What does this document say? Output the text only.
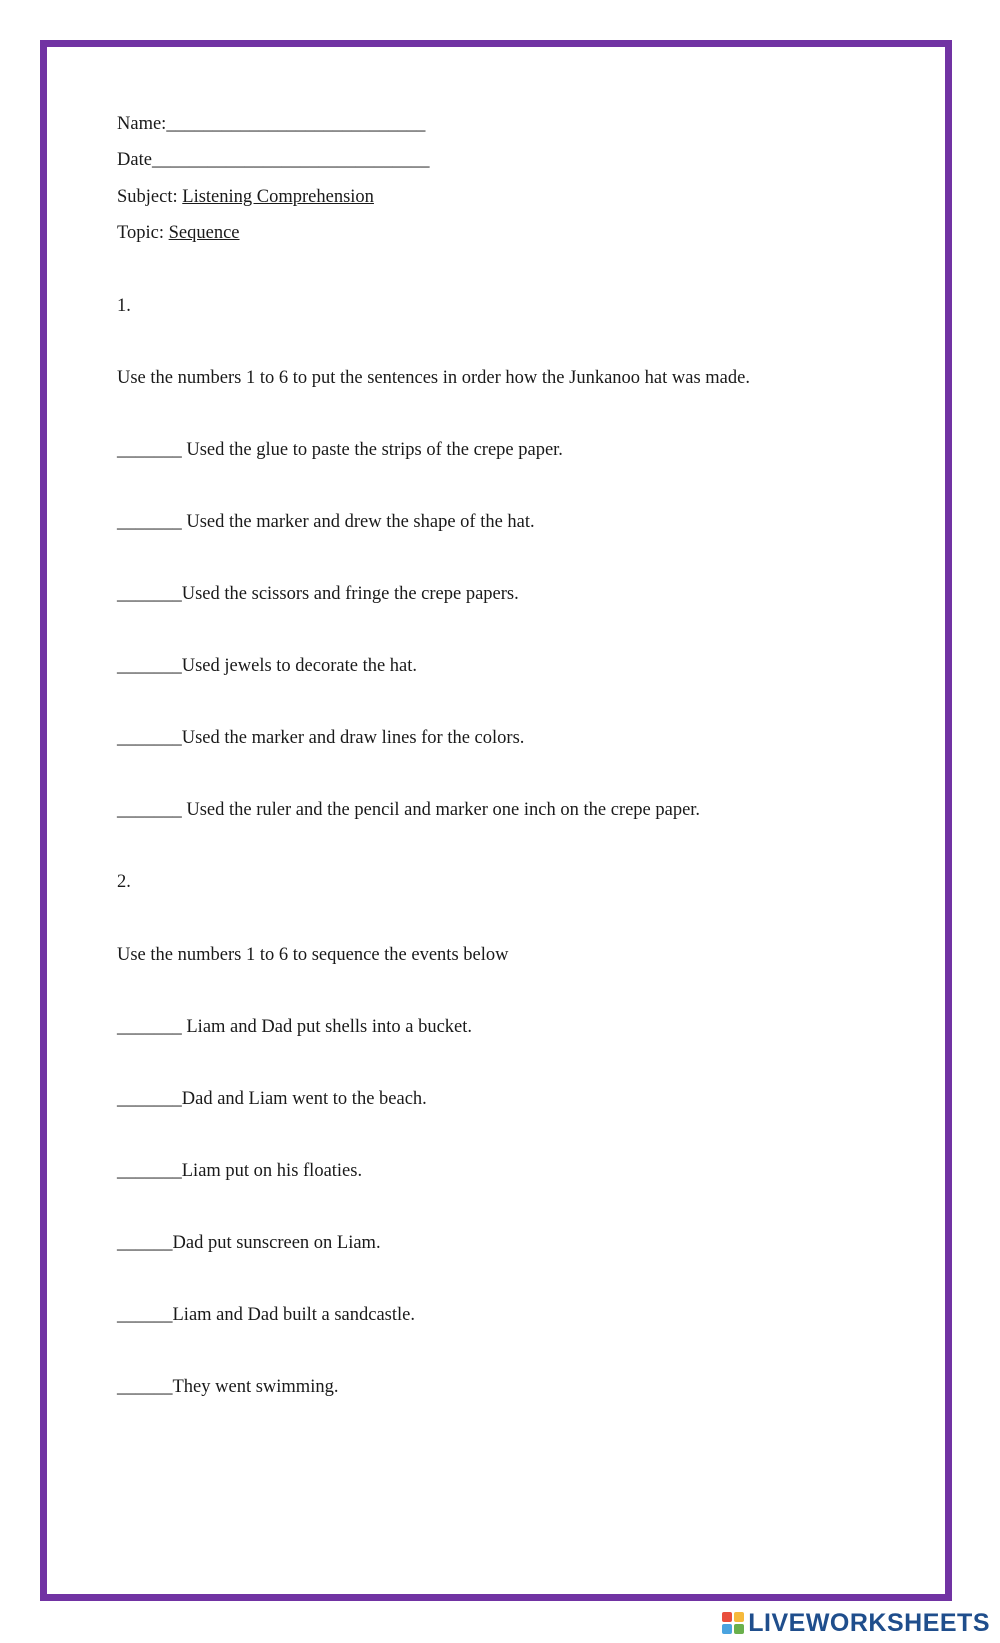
Name:____________________________

Date______________________________

Subject: Listening Comprehension

Topic: Sequence

1.

Use the numbers 1 to 6 to put the sentences in order how the Junkanoo hat was made.

_______ Used the glue to paste the strips of the crepe paper.

_______ Used the marker and drew the shape of the hat.

_______Used the scissors and fringe the crepe papers.

_______Used jewels to decorate the hat.

_______Used the marker and draw lines for the colors.

_______ Used the ruler and the pencil and marker one inch on the crepe paper.

2.

Use the numbers 1 to 6 to sequence the events below

_______ Liam and Dad put shells into a bucket.

_______Dad and Liam went to the beach.

_______Liam put on his floaties.

______Dad put sunscreen on Liam.

______Liam and Dad built a sandcastle.

______They went swimming.

LIVEWORKSHEETS
